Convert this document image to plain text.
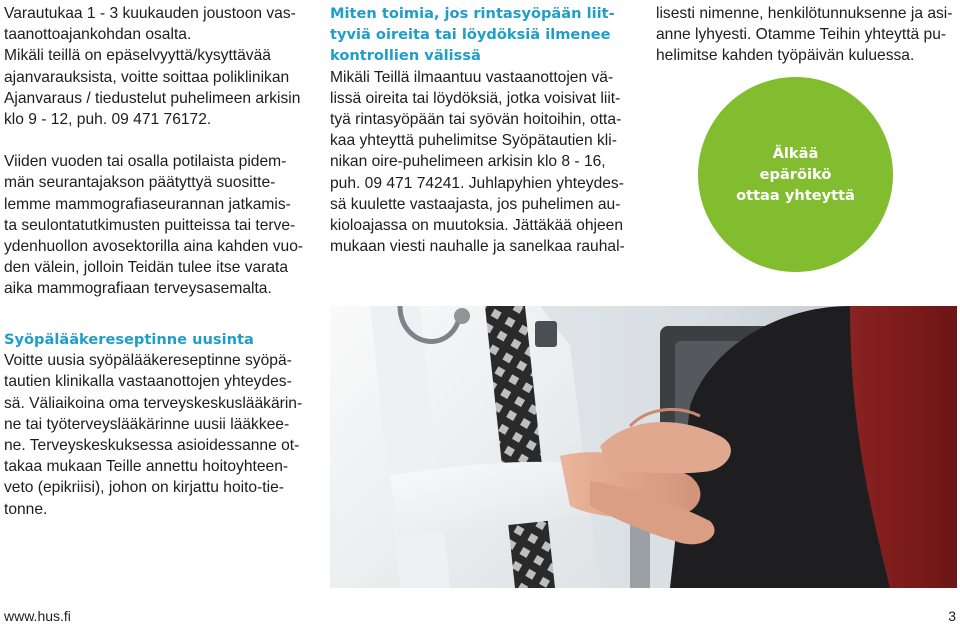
Varautukaa 1 - 3 kuukauden joustoon vas-

taanottoajankohdan osalta.

Mikäli teillä on epäselvyyttä/kysyttävää

ajanvarauksista, voitte soittaa poliklinikan

Ajanvaraus / tiedustelut puhelimeen arkisin

klo 9 - 12, puh. 09 471 76172.

Viiden vuoden tai osalla potilaista pidem-

män seurantajakson päätyttyä suositte-

lemme mammografiaseurannan jatkamis-

ta seulontatutkimusten puitteissa tai terve-

ydenhuollon avosektorilla aina kahden vuo-

den välein, jolloin Teidän tulee itse varata

aika mammografiaan terveysasemalta.

Syöpälääkereseptinne uusinta

Voitte uusia syöpälääkereseptinne syöpä-

tautien klinikalla vastaanottojen yhteydes-

sä. Väliaikoina oma terveyskeskuslääkärin-

ne tai työterveyslääkärinne uusii lääkkee-

ne. Terveyskeskuksessa asioidessanne ot-

takaa mukaan Teille annettu hoitoyhteen-

veto (epikriisi), johon on kirjattu hoito-tie-

tonne.

Miten toimia, jos rintasyöpään liit-

tyviä oireita tai löydöksiä ilmenee

kontrollien välissä

Mikäli Teillä ilmaantuu vastaanottojen vä-

lissä oireita tai löydöksiä, jotka voisivat liit-

tyä rintasyöpään tai syövän hoitoihin, otta-

kaa yhteyttä puhelimitse Syöpätautien kli-

nikan oire-puhelimeen arkisin klo 8 - 16,

puh. 09 471 74241. Juhlapyhien yhteydes-

sä kuulette vastaajasta, jos puhelimen au-

kioloajassa on muutoksia. Jättäkää ohjeen

mukaan viesti nauhalle ja sanelkaa rauhal-

lisesti nimenne, henkilötunnuksenne ja asi-

anne lyhyesti. Otamme Teihin yhteyttä pu-

helimitse kahden työpäivän kuluessa.

Älkää
epäröikö
ottaa yhteyttä
www.hus.fi	3
